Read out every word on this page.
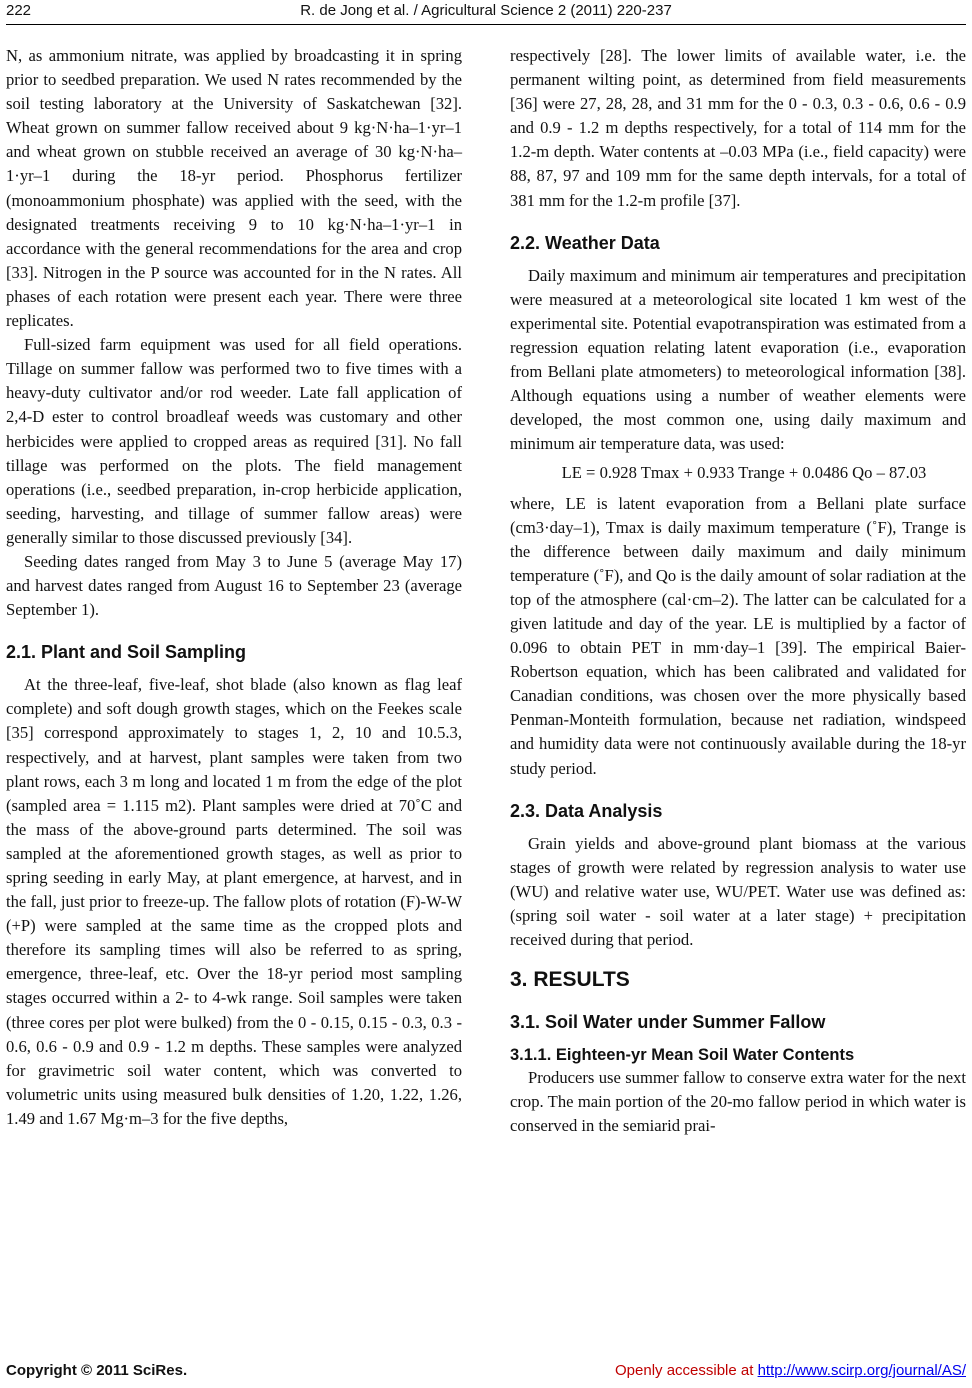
222	R. de Jong et al. / Agricultural Science 2 (2011) 220-237

N, as ammonium nitrate, was applied by broadcasting it in spring prior to seedbed preparation. We used N rates recommended by the soil testing laboratory at the University of Saskatchewan [32]. Wheat grown on summer fallow received about 9 kg·N·ha–1·yr–1 and wheat grown on stubble received an average of 30 kg·N·ha–1·yr–1 during the 18-yr period. Phosphorus fertilizer (monoammonium phosphate) was applied with the seed, with the designated treatments receiving 9 to 10 kg·N·ha–1·yr–1 in accordance with the general recommendations for the area and crop [33]. Nitrogen in the P source was accounted for in the N rates. All phases of each rotation were present each year. There were three replicates.

Full-sized farm equipment was used for all field operations. Tillage on summer fallow was performed two to five times with a heavy-duty cultivator and/or rod weeder. Late fall application of 2,4-D ester to control broadleaf weeds was customary and other herbicides were applied to cropped areas as required [31]. No fall tillage was performed on the plots. The field management operations (i.e., seedbed preparation, in-crop herbicide application, seeding, harvesting, and tillage of summer fallow areas) were generally similar to those discussed previously [34].

Seeding dates ranged from May 3 to June 5 (average May 17) and harvest dates ranged from August 16 to September 23 (average September 1).

2.1. Plant and Soil Sampling

At the three-leaf, five-leaf, shot blade (also known as flag leaf complete) and soft dough growth stages, which on the Feekes scale [35] correspond approximately to stages 1, 2, 10 and 10.5.3, respectively, and at harvest, plant samples were taken from two plant rows, each 3 m long and located 1 m from the edge of the plot (sampled area = 1.115 m2). Plant samples were dried at 70˚C and the mass of the above-ground parts determined. The soil was sampled at the aforementioned growth stages, as well as prior to spring seeding in early May, at plant emergence, at harvest, and in the fall, just prior to freeze-up. The fallow plots of rotation (F)-W-W (+P) were sampled at the same time as the cropped plots and therefore its sampling times will also be referred to as spring, emergence, three-leaf, etc. Over the 18-yr period most sampling stages occurred within a 2- to 4-wk range. Soil samples were taken (three cores per plot were bulked) from the 0 - 0.15, 0.15 - 0.3, 0.3 - 0.6, 0.6 - 0.9 and 0.9 - 1.2 m depths. These samples were analyzed for gravimetric soil water content, which was converted to volumetric units using measured bulk densities of 1.20, 1.22, 1.26, 1.49 and 1.67 Mg·m–3 for the five depths,

respectively [28]. The lower limits of available water, i.e. the permanent wilting point, as determined from field measurements [36] were 27, 28, 28, and 31 mm for the 0 - 0.3, 0.3 - 0.6, 0.6 - 0.9 and 0.9 - 1.2 m depths respectively, for a total of 114 mm for the 1.2-m depth. Water contents at –0.03 MPa (i.e., field capacity) were 88, 87, 97 and 109 mm for the same depth intervals, for a total of 381 mm for the 1.2-m profile [37].

2.2. Weather Data

Daily maximum and minimum air temperatures and precipitation were measured at a meteorological site located 1 km west of the experimental site. Potential evapotranspiration was estimated from a regression equation relating latent evaporation (i.e., evaporation from Bellani plate atmometers) to meteorological information [38]. Although equations using a number of weather elements were developed, the most common one, using daily maximum and minimum air temperature data, was used:

LE = 0.928 Tmax + 0.933 Trange + 0.0486 Qo – 87.03

where, LE is latent evaporation from a Bellani plate surface (cm3·day–1), Tmax is daily maximum temperature (˚F), Trange is the difference between daily maximum and daily minimum temperature (˚F), and Qo is the daily amount of solar radiation at the top of the atmosphere (cal·cm–2). The latter can be calculated for a given latitude and day of the year. LE is multiplied by a factor of 0.096 to obtain PET in mm·day–1 [39]. The empirical Baier-Robertson equation, which has been calibrated and validated for Canadian conditions, was chosen over the more physically based Penman-Monteith formulation, because net radiation, windspeed and humidity data were not continuously available during the 18-yr study period.

2.3. Data Analysis

Grain yields and above-ground plant biomass at the various stages of growth were related by regression analysis to water use (WU) and relative water use, WU/PET. Water use was defined as: (spring soil water - soil water at a later stage) + precipitation received during that period.

3. RESULTS
3.1. Soil Water under Summer Fallow
3.1.1. Eighteen-yr Mean Soil Water Contents

Producers use summer fallow to conserve extra water for the next crop. The main portion of the 20-mo fallow period in which water is conserved in the semiarid prai-

Copyright © 2011 SciRes.	Openly accessible at http://www.scirp.org/journal/AS/
